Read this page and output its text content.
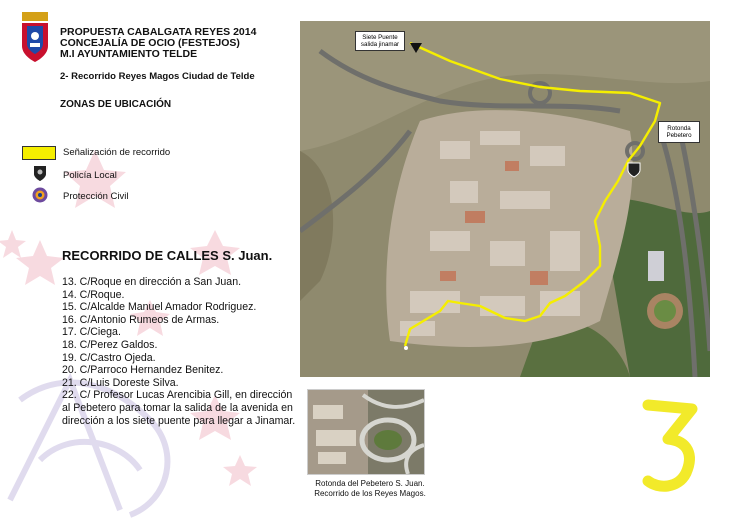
PROPUESTA CABALGATA REYES 2014
CONCEJALÍA DE OCIO (FESTEJOS)
M.I AYUNTAMIENTO TELDE
2- Recorrido Reyes Magos Ciudad de Telde
ZONAS DE UBICACIÓN
Señalización de recorrido
Policía Local
Protección Civil
RECORRIDO DE CALLES S. Juan.
13. C/Roque en dirección a San Juan.
14. C/Roque.
15. C/Alcalde Manuel Amador Rodriguez.
16. C/Antonio Rumeos de Armas.
17. C/Ciega.
18. C/Perez Galdos.
19. C/Castro Ojeda.
20. C/Parroco Hernandez Benitez.
21. C/Luis Doreste Silva.
22. C/ Profesor Lucas Arencibia Gill, en dirección
al Pebetero para tomar la salida de la avenida en
dirección a los siete puente para llegar a Jinamar.
Siete Puente
salida jinamar
Rotonda
Pebetero
Rotonda del Pebetero S. Juan.
Recorrido de los Reyes Magos.
